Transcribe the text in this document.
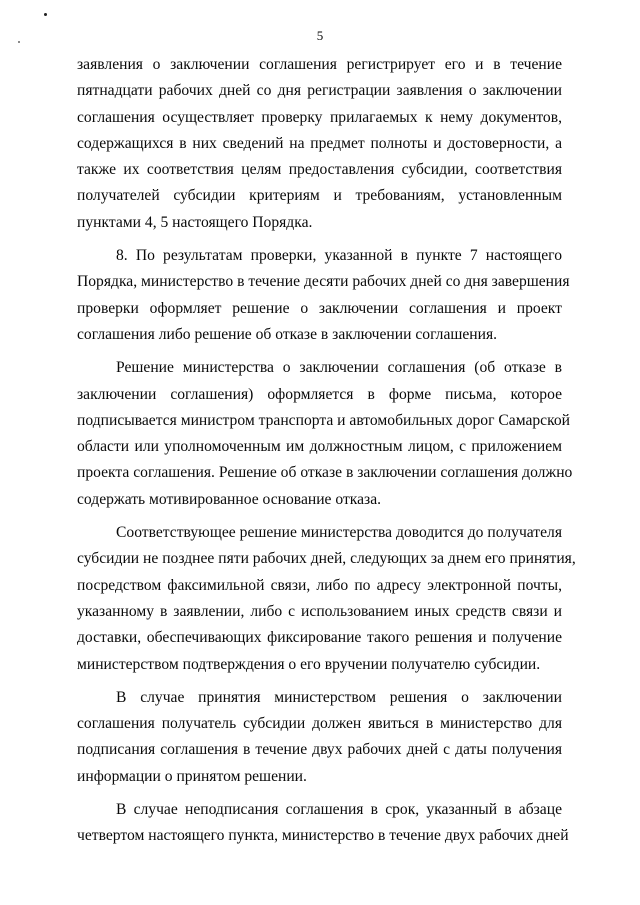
5
заявления о заключении соглашения регистрирует его и в течение
пятнадцати рабочих дней со дня регистрации заявления о заключении
соглашения осуществляет проверку прилагаемых к нему документов,
содержащихся в них сведений на предмет полноты и достоверности, а
также их соответствия целям предоставления субсидии, соответствия
получателей субсидии критериям и требованиям, установленным
пунктами 4, 5 настоящего Порядка.
8. По результатам проверки, указанной в пункте 7 настоящего
Порядка, министерство в течение десяти рабочих дней со дня завершения
проверки оформляет решение о заключении соглашения и проект
соглашения либо решение об отказе в заключении соглашения.
Решение министерства о заключении соглашения (об отказе в
заключении соглашения) оформляется в форме письма, которое
подписывается министром транспорта и автомобильных дорог Самарской
области или уполномоченным им должностным лицом, с приложением
проекта соглашения. Решение об отказе в заключении соглашения должно
содержать мотивированное основание отказа.
Соответствующее решение министерства доводится до получателя
субсидии не позднее пяти рабочих дней, следующих за днем его принятия,
посредством факсимильной связи, либо по адресу электронной почты,
указанному в заявлении, либо с использованием иных средств связи и
доставки, обеспечивающих фиксирование такого решения и получение
министерством подтверждения о его вручении получателю субсидии.
В случае принятия министерством решения о заключении
соглашения получатель субсидии должен явиться в министерство для
подписания соглашения в течение двух рабочих дней с даты получения
информации о принятом решении.
В случае неподписания соглашения в срок, указанный в абзаце
четвертом настоящего пункта, министерство в течение двух рабочих дней
